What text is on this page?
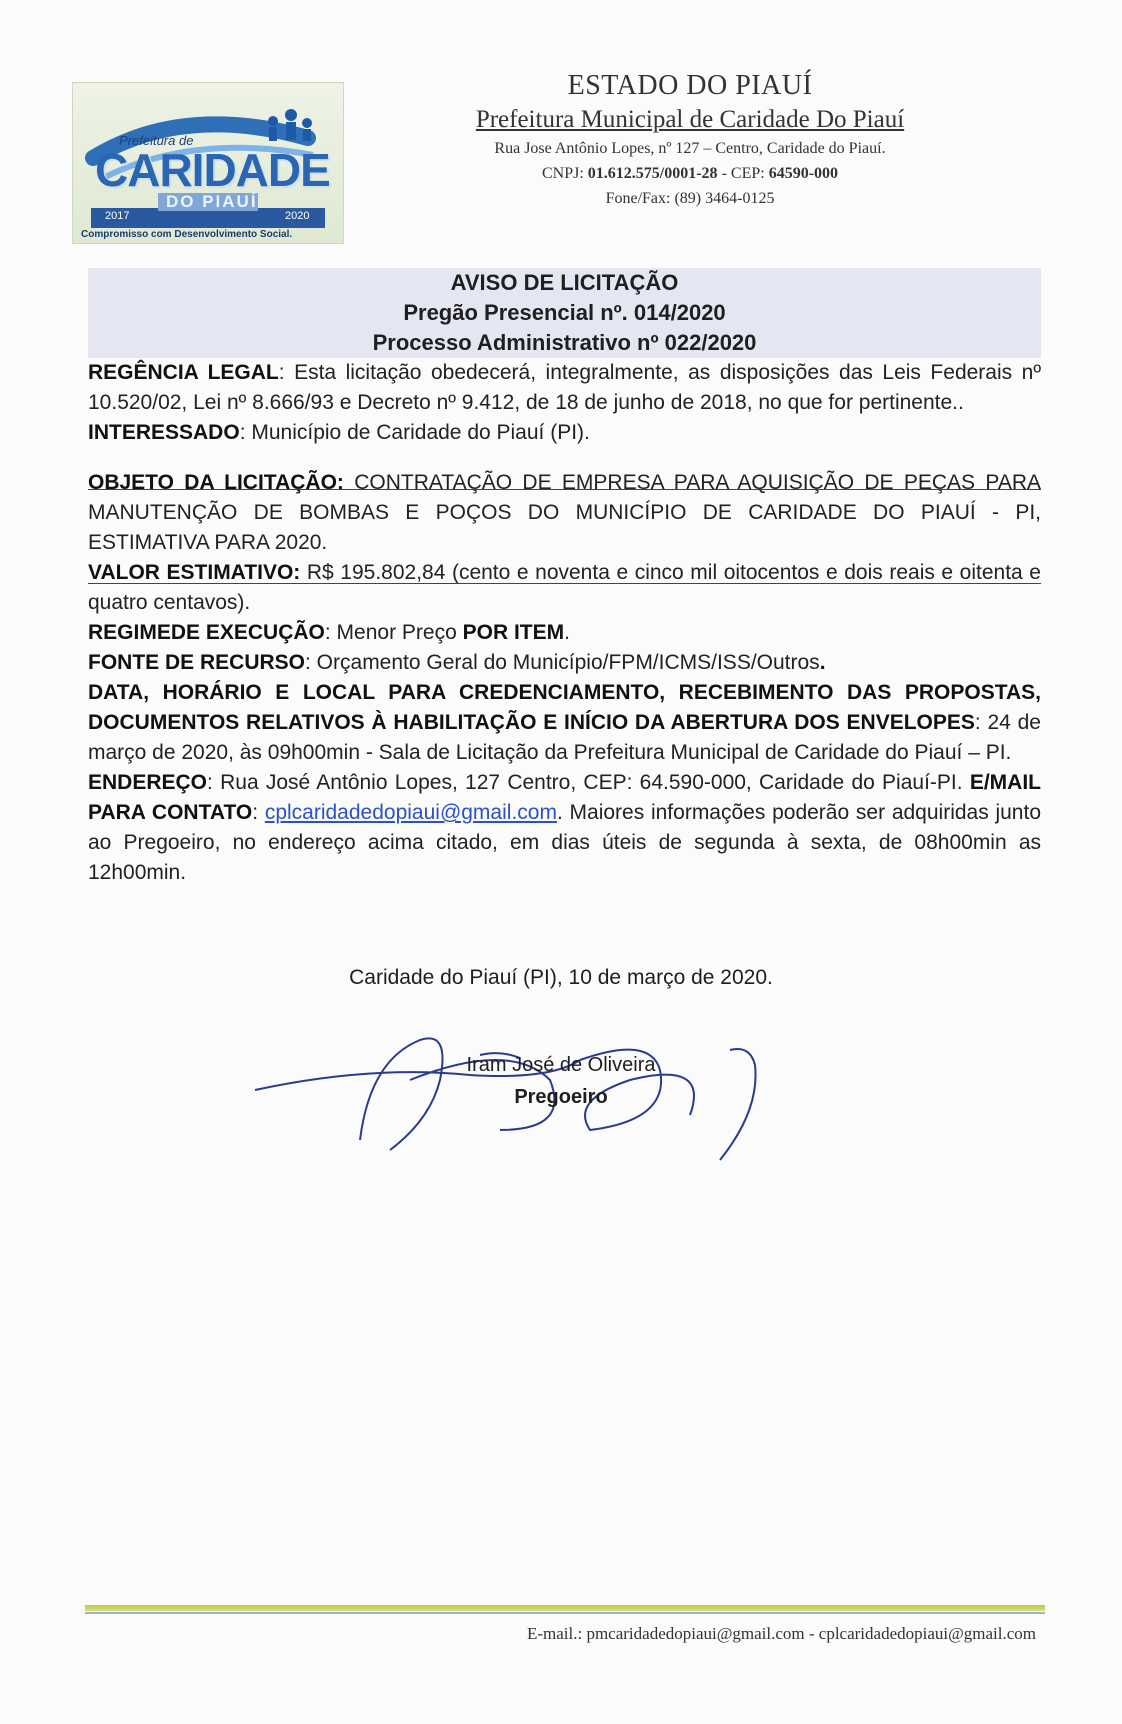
Prefeitura de
CARIDADE
DO PIAUÍ
2017	2020
Compromisso com Desenvolvimento Social.
ESTADO DO PIAUÍ
Prefeitura Municipal de Caridade Do Piauí
Rua Jose Antônio Lopes, nº 127 – Centro, Caridade do Piauí.
CNPJ: 01.612.575/0001-28 - CEP: 64590-000
Fone/Fax: (89) 3464-0125
AVISO DE LICITAÇÃO
Pregão Presencial nº. 014/2020
Processo Administrativo nº 022/2020

REGÊNCIA LEGAL: Esta licitação obedecerá, integralmente, as disposições das Leis Federais nº 10.520/02, Lei nº 8.666/93 e Decreto nº 9.412, de 18 de junho de 2018, no que for pertinente..

INTERESSADO: Município de Caridade do Piauí (PI).

OBJETO DA LICITAÇÃO: CONTRATAÇÃO DE EMPRESA PARA AQUISIÇÃO DE PEÇAS PARA MANUTENÇÃO DE BOMBAS E POÇOS DO MUNICÍPIO DE CARIDADE DO PIAUÍ - PI, ESTIMATIVA PARA 2020.

VALOR ESTIMATIVO: R$ 195.802,84 (cento e noventa e cinco mil oitocentos e dois reais e oitenta e quatro centavos).

REGIMEDE EXECUÇÃO: Menor Preço POR ITEM.

FONTE DE RECURSO: Orçamento Geral do Município/FPM/ICMS/ISS/Outros.

DATA, HORÁRIO E LOCAL PARA CREDENCIAMENTO, RECEBIMENTO DAS PROPOSTAS, DOCUMENTOS RELATIVOS À HABILITAÇÃO E INÍCIO DA ABERTURA DOS ENVELOPES: 24 de março de 2020, às 09h00min - Sala de Licitação da Prefeitura Municipal de Caridade do Piauí – PI.

ENDEREÇO: Rua José Antônio Lopes, 127 Centro, CEP: 64.590-000, Caridade do Piauí-PI. E/MAIL PARA CONTATO: cplcaridadedopiaui@gmail.com. Maiores informações poderão ser adquiridas junto ao Pregoeiro, no endereço acima citado, em dias úteis de segunda à sexta, de 08h00min as 12h00min.

Caridade do Piauí (PI), 10 de março de 2020.
Iram José de Oliveira
Pregoeiro
E-mail.: pmcaridadedopiaui@gmail.com - cplcaridadedopiaui@gmail.com
